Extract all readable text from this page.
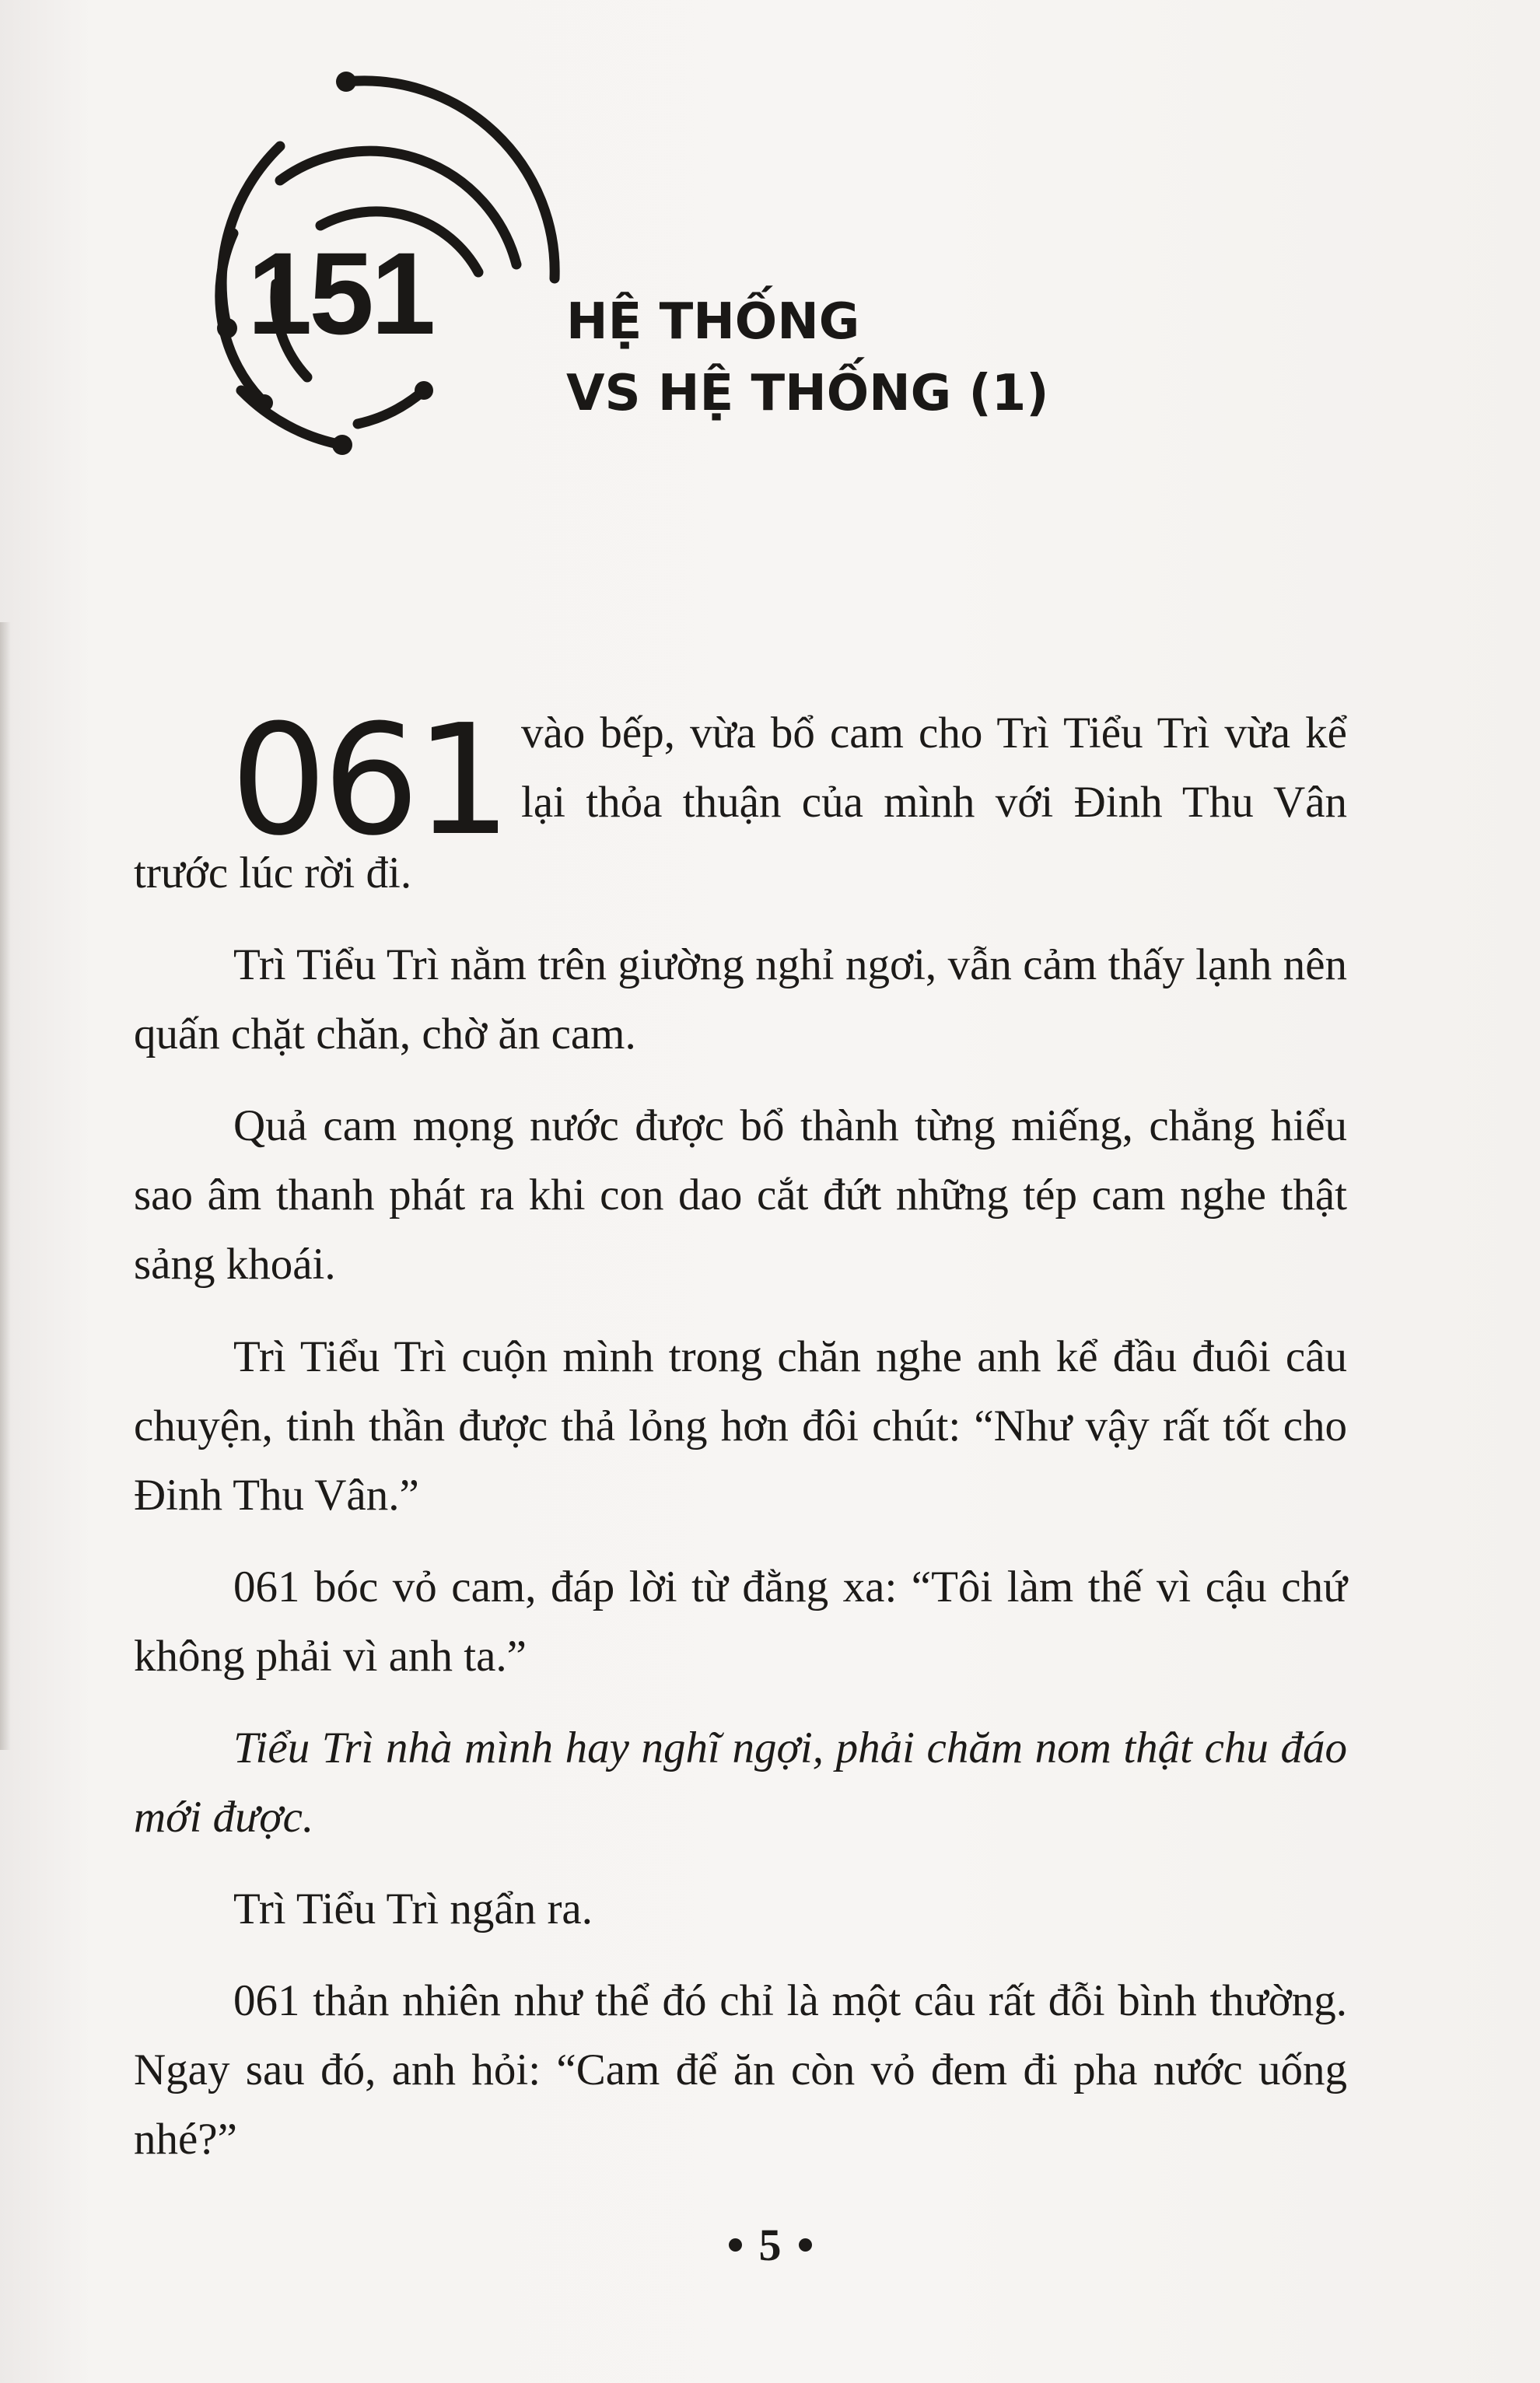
151	HỆ THỐNG
VS HỆ THỐNG (1)
061 vào bếp, vừa bổ cam cho Trì Tiểu Trì vừa kể
lại thỏa thuận của mình với Đinh Thu Vân

trước lúc rời đi.

Trì Tiểu Trì nằm trên giường nghỉ ngơi, vẫn cảm thấy lạnh nên quấn chặt chăn, chờ ăn cam.

Quả cam mọng nước được bổ thành từng miếng, chẳng hiểu sao âm thanh phát ra khi con dao cắt đứt những tép cam nghe thật sảng khoái.

Trì Tiểu Trì cuộn mình trong chăn nghe anh kể đầu đuôi câu chuyện, tinh thần được thả lỏng hơn đôi chút: “Như vậy rất tốt cho Đinh Thu Vân.”

061 bóc vỏ cam, đáp lời từ đằng xa: “Tôi làm thế vì cậu chứ không phải vì anh ta.”

Tiểu Trì nhà mình hay nghĩ ngợi, phải chăm nom thật chu đáo mới được.

Trì Tiểu Trì ngẩn ra.

061 thản nhiên như thể đó chỉ là một câu rất đỗi bình thường. Ngay sau đó, anh hỏi: “Cam để ăn còn vỏ đem đi pha nước uống nhé?”

5
